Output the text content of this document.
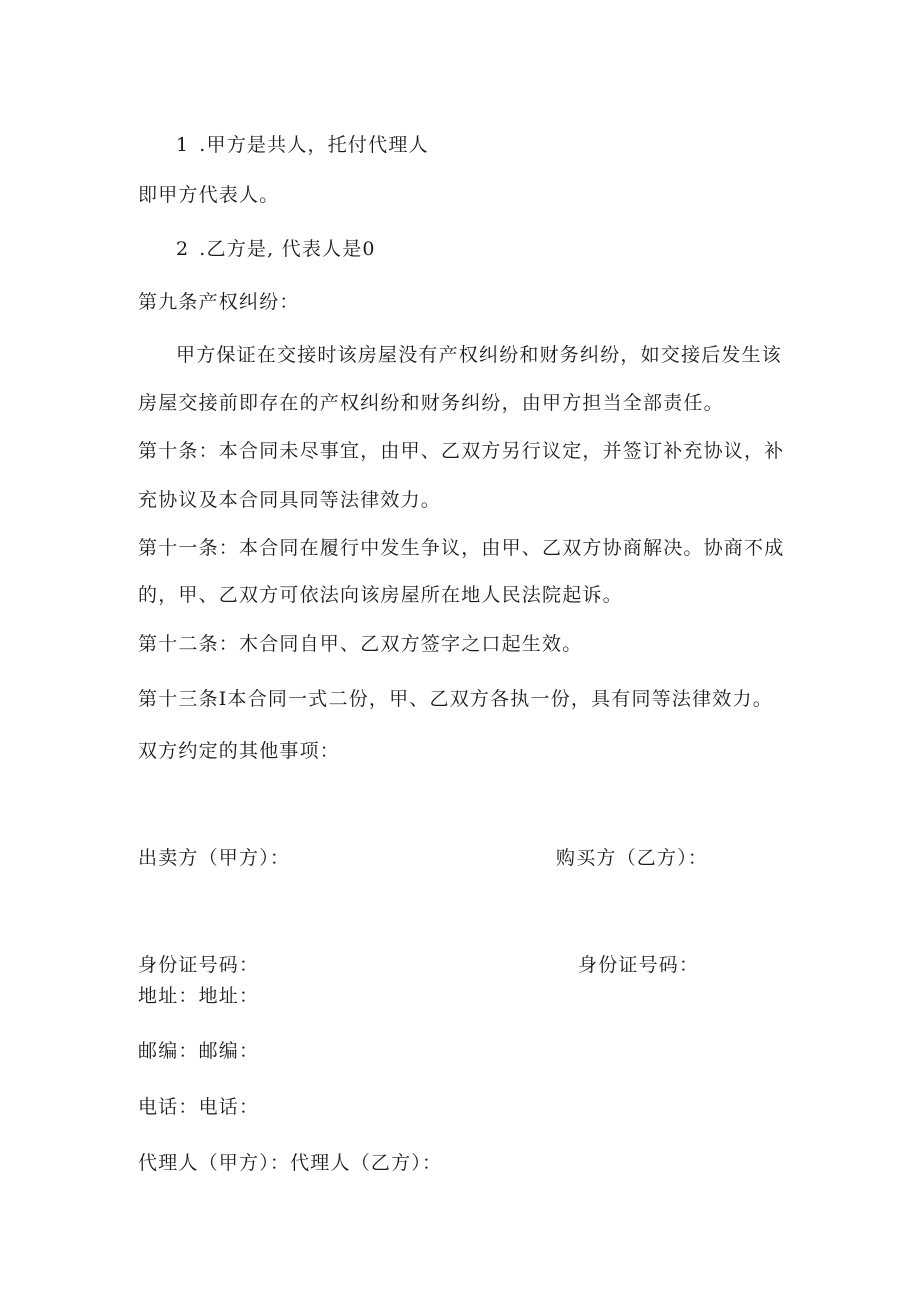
1 .甲方是共人，托付代理人
即甲方代表人。
2 .乙方是, 代表人是0
第九条产权纠纷：
甲方保证在交接时该房屋没有产权纠纷和财务纠纷，如交接后发生该
房屋交接前即存在的产权纠纷和财务纠纷，由甲方担当全部责任。
第十条：本合同未尽事宜，由甲、乙双方另行议定，并签订补充协议，补
充协议及本合同具同等法律效力。
第十一条：本合同在履行中发生争议，由甲、乙双方协商解决。协商不成
的，甲、乙双方可依法向该房屋所在地人民法院起诉。
第十二条：木合同自甲、乙双方签字之口起生效。
第十三条I本合同一式二份，甲、乙双方各执一份，具有同等法律效力。
双方约定的其他事项：
出卖方（甲方）：	购买方（乙方）：
身份证号码：	身份证号码：
地址：地址：
邮编：邮编：
电话：电话：
代理人（甲方）：代理人（乙方）：
